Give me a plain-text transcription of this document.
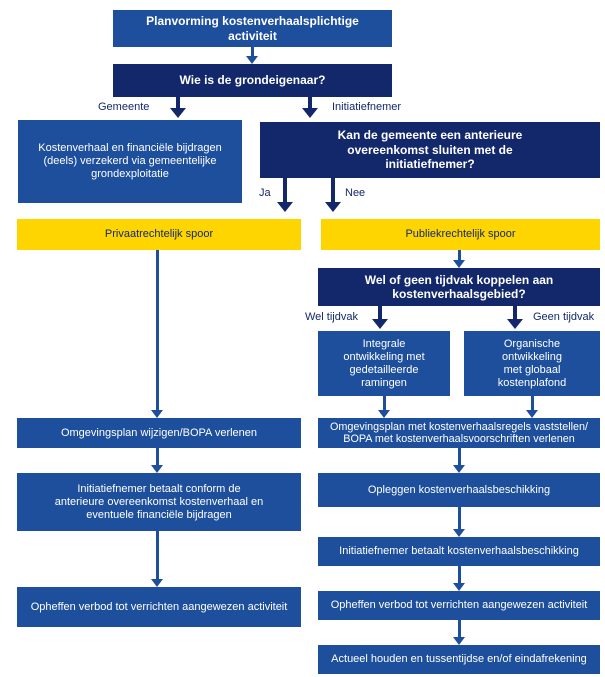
Planvorming kostenverhaalsplichtige activiteit
Wie is de grondeigenaar?
Gemeente	Initiatiefnemer
Kostenverhaal en financiële bijdragen (deels) verzekerd via gemeentelijke grondexploitatie
Kan de gemeente een anterieure overeenkomst sluiten met de initiatiefnemer?
Ja	Nee
Privaatrechtelijk spoor	Publiekrechtelijk spoor
Wel of geen tijdvak koppelen aan kostenverhaalsgebied?
Wel tijdvak	Geen tijdvak
Integrale ontwikkeling met gedetailleerde ramingen
Organische ontwikkeling met globaal kostenplafond
Omgevingsplan met kostenverhaalsregels vaststellen/ BOPA met kostenverhaalsvoorschriften verlenen
Opleggen kostenverhaalsbeschikking
Initiatiefnemer betaalt kostenverhaalsbeschikking
Opheffen verbod tot verrichten aangewezen activiteit
Actueel houden en tussentijdse en/of eindafrekening
Omgevingsplan wijzigen/BOPA verlenen
Initiatiefnemer betaalt conform de anterieure overeenkomst kostenverhaal en eventuele financiële bijdragen
Opheffen verbod tot verrichten aangewezen activiteit
